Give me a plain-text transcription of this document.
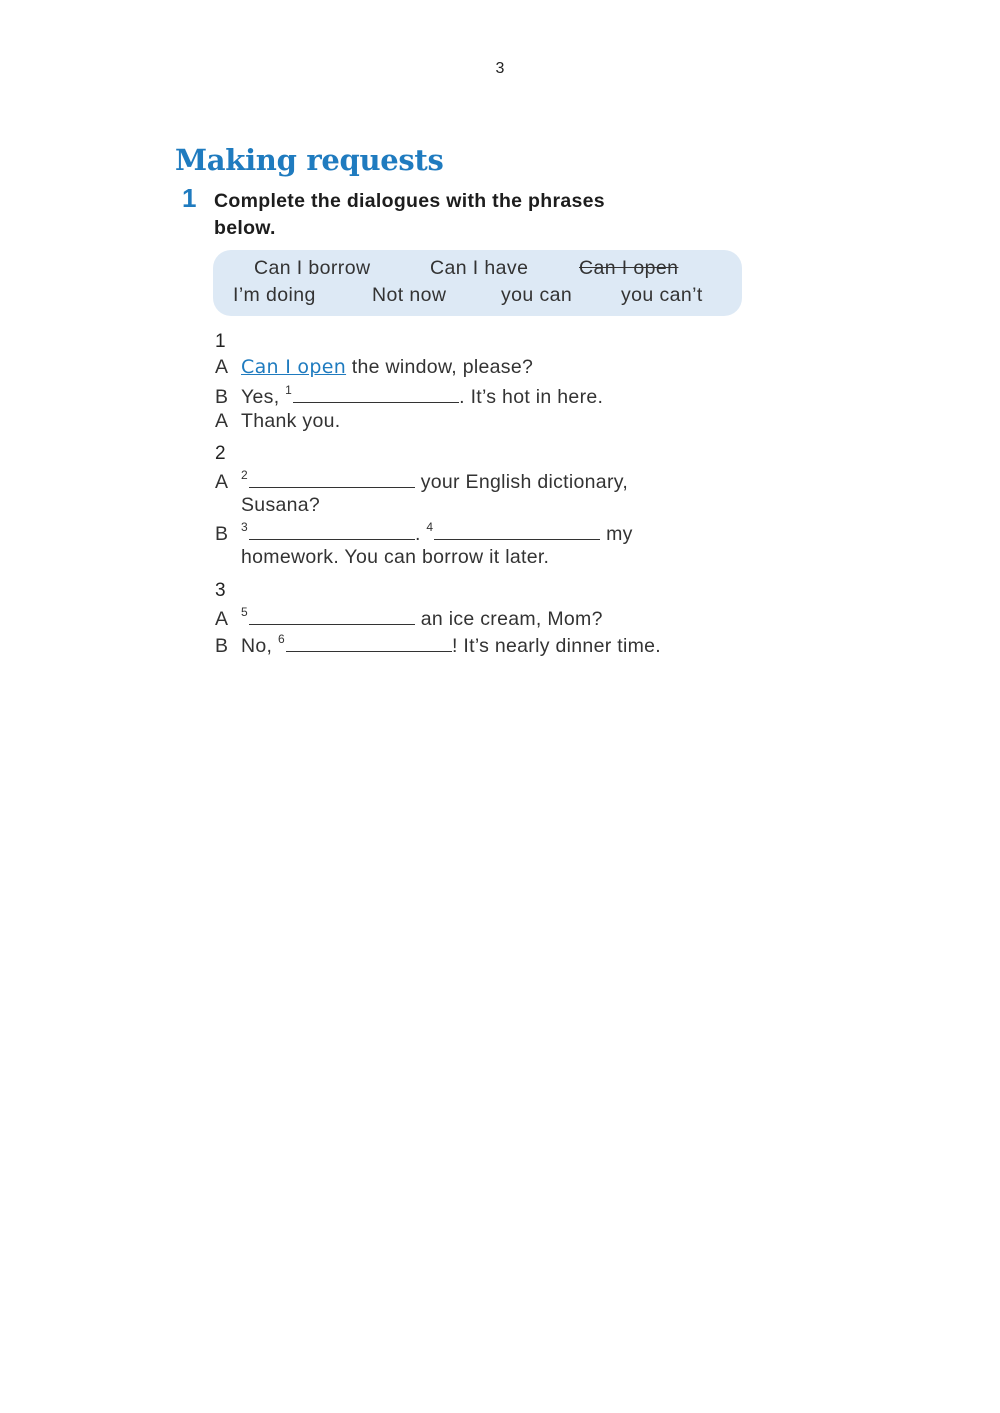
3
Making requests
1 Complete the dialogues with the phrases
below.
Can I borrow	Can I have	Can I open
I’m doing	Not now	you can	you can’t
1
A Can I open the window, please?
B Yes, $^1$	. It’s hot in here.
A Thank you.
2
A $^2$	your English dictionary,
Susana?
B $^3$	. $^4$	my
homework. You can borrow it later.
3
A $^5$	an ice cream, Mom?
B No, $^6$	! It’s nearly dinner time.
